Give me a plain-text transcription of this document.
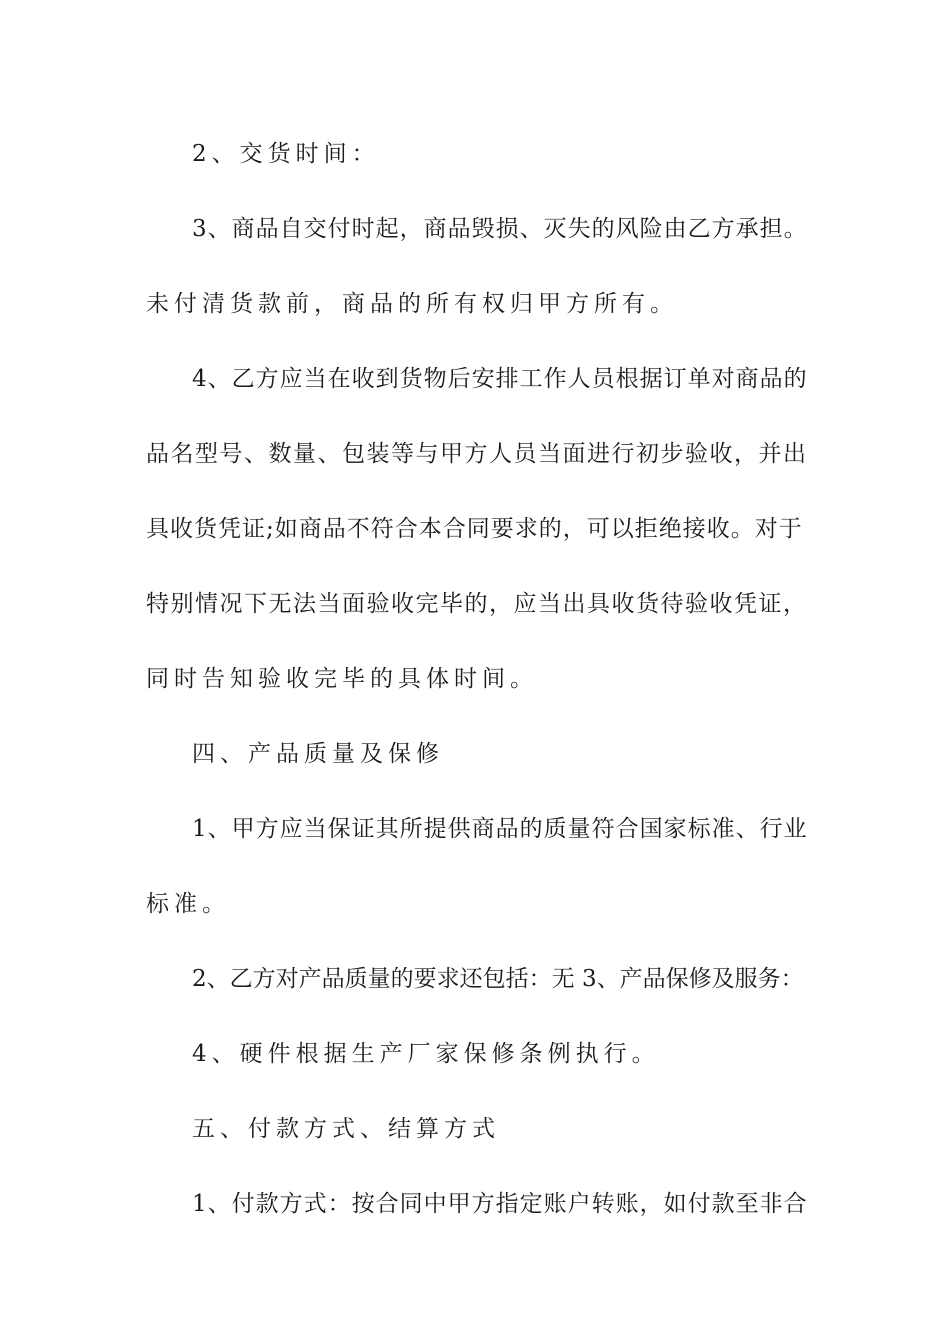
2、交货时间：
3、商品自交付时起，商品毁损、灭失的风险由乙方承担。
未付清货款前，商品的所有权归甲方所有。
4、乙方应当在收到货物后安排工作人员根据订单对商品的
品名型号、数量、包装等与甲方人员当面进行初步验收，并出
具收货凭证;如商品不符合本合同要求的，可以拒绝接收。对于
特别情况下无法当面验收完毕的，应当出具收货待验收凭证，
同时告知验收完毕的具体时间。
四、产品质量及保修
1、甲方应当保证其所提供商品的质量符合国家标准、行业
标准。
2、乙方对产品质量的要求还包括：无 3、产品保修及服务：
4、硬件根据生产厂家保修条例执行。
五、付款方式、结算方式
1、付款方式：按合同中甲方指定账户转账，如付款至非合
